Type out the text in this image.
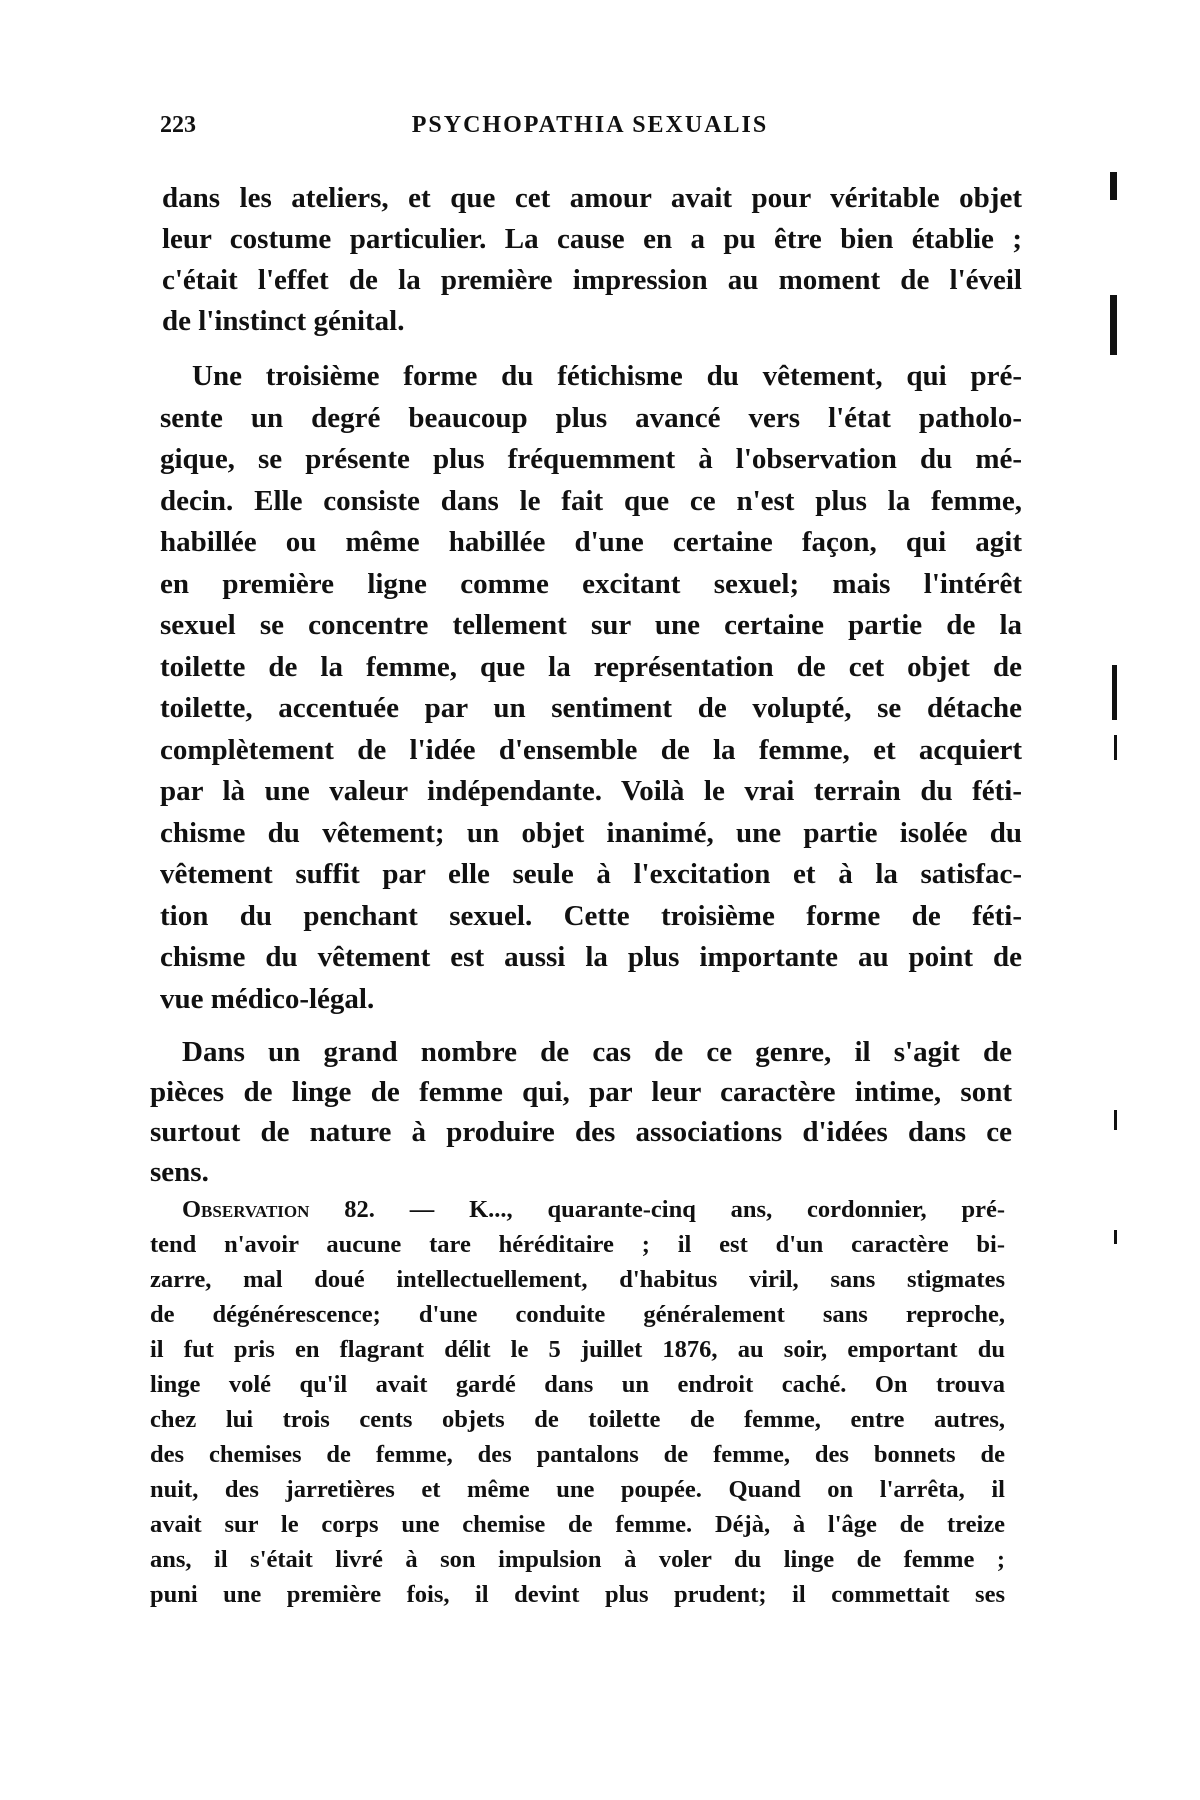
223	PSYCHOPATHIA SEXUALIS
dans les ateliers, et que cet amour avait pour véritable objet
leur costume particulier. La cause en a pu être bien établie ;
c'était l'effet de la première impression au moment de l'éveil
de l'instinct génital.
Une troisième forme du fétichisme du vêtement, qui pré-
sente un degré beaucoup plus avancé vers l'état patholo-
gique, se présente plus fréquemment à l'observation du mé-
decin. Elle consiste dans le fait que ce n'est plus la femme,
habillée ou même habillée d'une certaine façon, qui agit
en première ligne comme excitant sexuel; mais l'intérêt
sexuel se concentre tellement sur une certaine partie de la
toilette de la femme, que la représentation de cet objet de
toilette, accentuée par un sentiment de volupté, se détache
complètement de l'idée d'ensemble de la femme, et acquiert
par là une valeur indépendante. Voilà le vrai terrain du féti-
chisme du vêtement; un objet inanimé, une partie isolée du
vêtement suffit par elle seule à l'excitation et à la satisfac-
tion du penchant sexuel. Cette troisième forme de féti-
chisme du vêtement est aussi la plus importante au point de
vue médico-légal.
Dans un grand nombre de cas de ce genre, il s'agit de
pièces de linge de femme qui, par leur caractère intime, sont
surtout de nature à produire des associations d'idées dans ce
sens.
Observation 82. — K..., quarante-cinq ans, cordonnier, pré-
tend n'avoir aucune tare héréditaire ; il est d'un caractère bi-
zarre, mal doué intellectuellement, d'habitus viril, sans stigmates
de dégénérescence; d'une conduite généralement sans reproche,
il fut pris en flagrant délit le 5 juillet 1876, au soir, emportant du
linge volé qu'il avait gardé dans un endroit caché. On trouva
chez lui trois cents objets de toilette de femme, entre autres,
des chemises de femme, des pantalons de femme, des bonnets de
nuit, des jarretières et même une poupée. Quand on l'arrêta, il
avait sur le corps une chemise de femme. Déjà, à l'âge de treize
ans, il s'était livré à son impulsion à voler du linge de femme ;
puni une première fois, il devint plus prudent; il commettait ses
